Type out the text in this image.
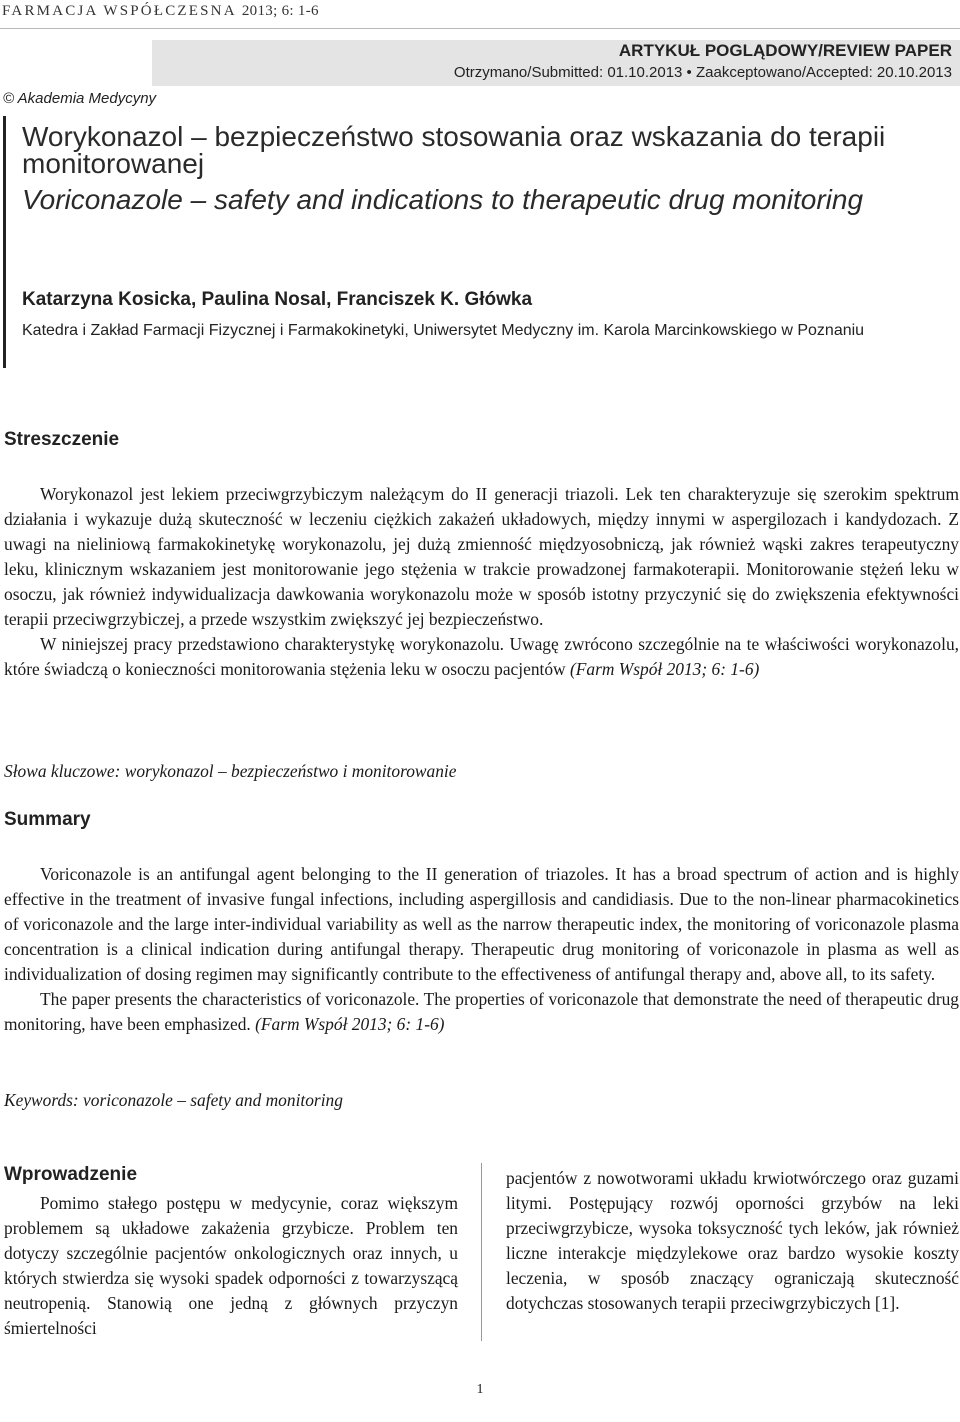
FARMACJA WSPÓŁCZESNA 2013; 6: 1-6
ARTYKUŁ POGLĄDOWY/REVIEW PAPER
Otrzymano/Submitted: 01.10.2013 • Zaakceptowano/Accepted: 20.10.2013
© Akademia Medycyny
Worykonazol – bezpieczeństwo stosowania oraz wskazania do terapii monitorowanej
Voriconazole – safety and indications to therapeutic drug monitoring
Katarzyna Kosicka, Paulina Nosal, Franciszek K. Główka
Katedra i Zakład Farmacji Fizycznej i Farmakokinetyki, Uniwersytet Medyczny im. Karola Marcinkowskiego w Poznaniu
Streszczenie

Worykonazol jest lekiem przeciwgrzybiczym należącym do II generacji triazoli. Lek ten charakteryzuje się szerokim spektrum działania i wykazuje dużą skuteczność w leczeniu ciężkich zakażeń układowych, między innymi w aspergilozach i kandydozach. Z uwagi na nieliniową farmakokinetykę worykonazolu, jej dużą zmienność międzyosobniczą, jak również wąski zakres terapeutyczny leku, klinicznym wskazaniem jest monitorowanie jego stężenia w trakcie prowadzonej farmakoterapii. Monitorowanie stężeń leku w osoczu, jak również indywidualizacja dawkowania worykonazolu może w sposób istotny przyczynić się do zwiększenia efektywności terapii przeciwgrzybiczej, a przede wszystkim zwiększyć jej bezpieczeństwo.

W niniejszej pracy przedstawiono charakterystykę worykonazolu. Uwagę zwrócono szczególnie na te właściwości worykonazolu, które świadczą o konieczności monitorowania stężenia leku w osoczu pacjentów (Farm Współ 2013; 6: 1-6)

Słowa kluczowe: worykonazol – bezpieczeństwo i monitorowanie
Summary

Voriconazole is an antifungal agent belonging to the II generation of triazoles. It has a broad spectrum of action and is highly effective in the treatment of invasive fungal infections, including aspergillosis and candidiasis. Due to the non-linear pharmacokinetics of voriconazole and the large inter-individual variability as well as the narrow therapeutic index, the monitoring of voriconazole plasma concentration is a clinical indication during antifungal therapy. Therapeutic drug monitoring of voriconazole in plasma as well as individualization of dosing regimen may significantly contribute to the effectiveness of antifungal therapy and, above all, to its safety.

The paper presents the characteristics of voriconazole. The properties of voriconazole that demonstrate the need of therapeutic drug monitoring, have been emphasized. (Farm Współ 2013; 6: 1-6)

Keywords: voriconazole – safety and monitoring
Wprowadzenie

Pomimo stałego postępu w medycynie, coraz większym problemem są układowe zakażenia grzybicze. Problem ten dotyczy szczególnie pacjentów onkologicznych oraz innych, u których stwierdza się wysoki spadek odporności z towarzyszącą neutropenią. Stanowią one jedną z głównych przyczyn śmiertelności

pacjentów z nowotworami układu krwiotwórczego oraz guzami litymi. Postępujący rozwój oporności grzybów na leki przeciwgrzybicze, wysoka toksyczność tych leków, jak również liczne interakcje międzylekowe oraz bardzo wysokie koszty leczenia, w sposób znaczący ograniczają skuteczność dotychczas stosowanych terapii przeciwgrzybiczych [1].

1
